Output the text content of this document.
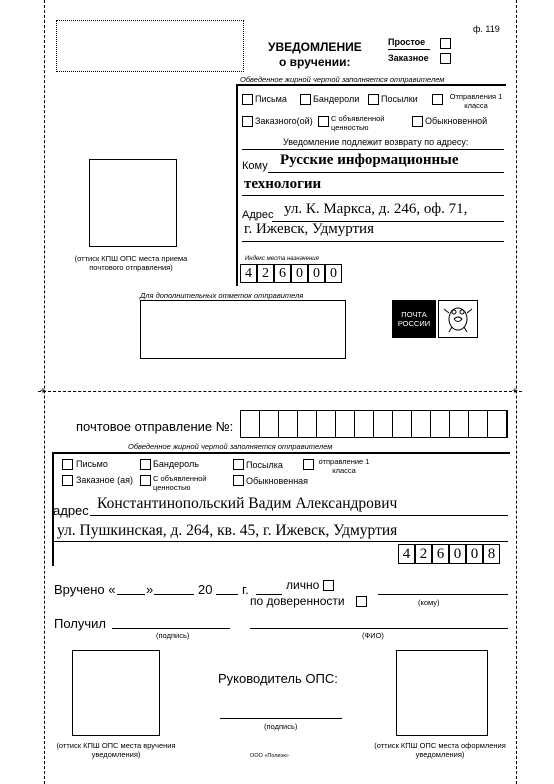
+	+
ф. 119
УВЕДОМЛЕНИЕ
о вручении:
Простое
Заказное
Обведенное жирной чертой заполняется отправителем
Письма	Бандероли Посылки	Отправления 1 класса
Заказного(ой) С объявленной ценностью
Обыкновенной
Уведомление подлежит возврату по адресу:
Кому Русские информационные
технологии
Адрес ул. К. Маркса, д. 246, оф. 71,
г. Ижевск, Удмуртия
Индекс места назначения
4 2 6 0 0 0
(оттиск КПШ ОПС места приема почтового отправления)
Для дополнительных отметок отправителя
ПОЧТА
РОССИИ
почтовое отправление №:
Обведенное жирной чертой заполняется отправителем
Письмо	Бандероль	Посылка	отправление 1 класса
Заказное (ая)	С объявленной ценностью
Обыкновенная
адрес Константинопольский Вадим Александрович
ул. Пушкинская, д. 264, кв. 45, г. Ижевск, Удмуртия
4 2 6 0 0 8
Вручено « »	20 г.	лично
по доверенности	(кому)
Получил
(подпись)	(ФИО)
(оттиск КПШ ОПС места вручения уведомления)
(оттиск КПШ ОПС места оформления уведомления)
Руководитель ОПС:
(подпись)
ООО «Полиэк»
